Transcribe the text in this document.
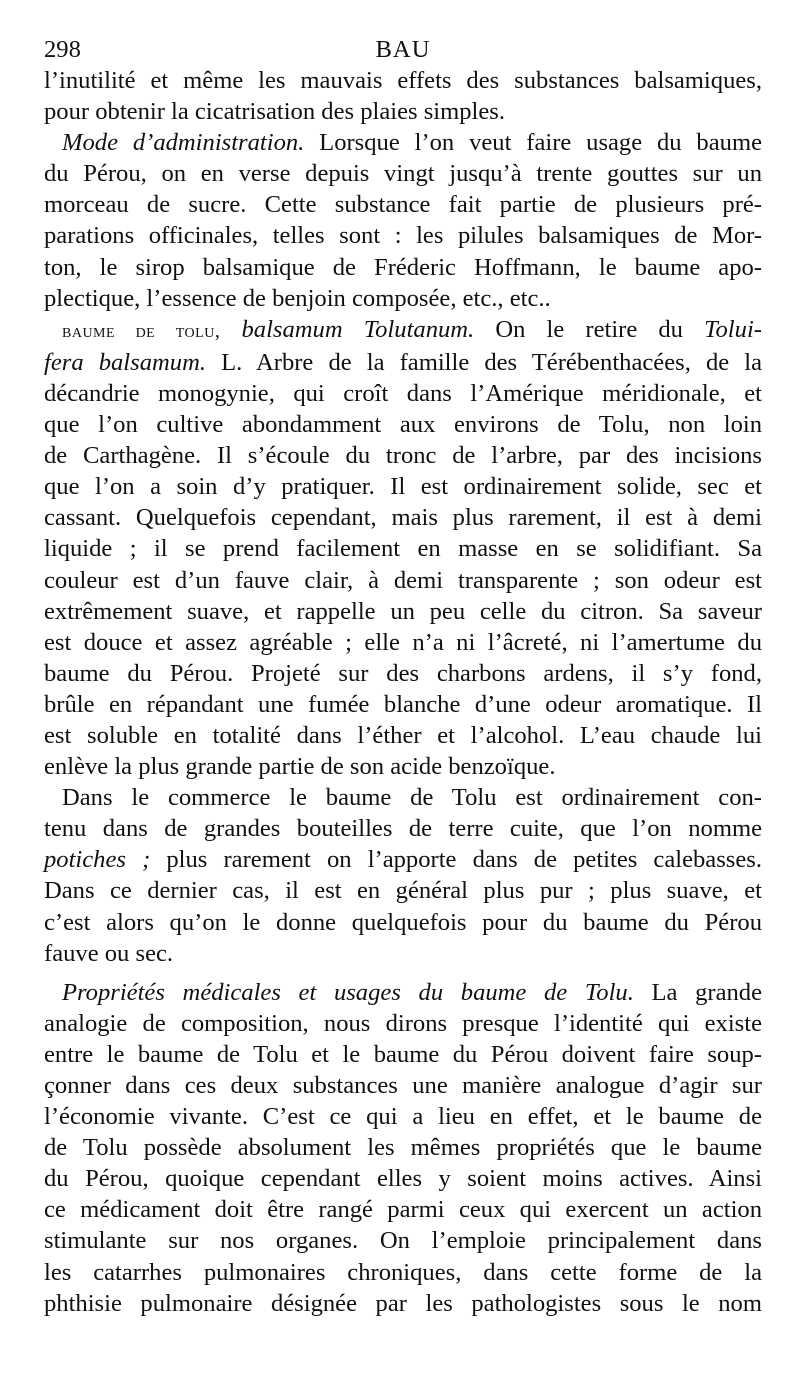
298	BAU
l’inutilité et même les mauvais effets des substances balsamiques,
pour obtenir la cicatrisation des plaies simples.
Mode d’administration. Lorsque l’on veut faire usage du baume
du Pérou, on en verse depuis vingt jusqu’à trente gouttes sur un
morceau de sucre. Cette substance fait partie de plusieurs pré-
parations officinales, telles sont : les pilules balsamiques de Mor-
ton, le sirop balsamique de Fréderic Hoffmann, le baume apo-
plectique, l’essence de benjoin composée, etc., etc..
baume de tolu, balsamum Tolutanum. On le retire du Tolui-
fera balsamum. L. Arbre de la famille des Térébenthacées, de la
décandrie monogynie, qui croît dans l’Amérique méridionale, et
que l’on cultive abondamment aux environs de Tolu, non loin
de Carthagène. Il s’écoule du tronc de l’arbre, par des incisions
que l’on a soin d’y pratiquer. Il est ordinairement solide, sec et
cassant. Quelquefois cependant, mais plus rarement, il est à demi
liquide ; il se prend facilement en masse en se solidifiant. Sa
couleur est d’un fauve clair, à demi transparente ; son odeur est
extrêmement suave, et rappelle un peu celle du citron. Sa saveur
est douce et assez agréable ; elle n’a ni l’âcreté, ni l’amertume du
baume du Pérou. Projeté sur des charbons ardens, il s’y fond,
brûle en répandant une fumée blanche d’une odeur aromatique. Il
est soluble en totalité dans l’éther et l’alcohol. L’eau chaude lui
enlève la plus grande partie de son acide benzoïque.
Dans le commerce le baume de Tolu est ordinairement con-
tenu dans de grandes bouteilles de terre cuite, que l’on nomme
potiches ; plus rarement on l’apporte dans de petites calebasses.
Dans ce dernier cas, il est en général plus pur ; plus suave, et
c’est alors qu’on le donne quelquefois pour du baume du Pérou
fauve ou sec.
Propriétés médicales et usages du baume de Tolu. La grande
analogie de composition, nous dirons presque l’identité qui existe
entre le baume de Tolu et le baume du Pérou doivent faire soup-
çonner dans ces deux substances une manière analogue d’agir sur
l’économie vivante. C’est ce qui a lieu en effet, et le baume de
de Tolu possède absolument les mêmes propriétés que le baume
du Pérou, quoique cependant elles y soient moins actives. Ainsi
ce médicament doit être rangé parmi ceux qui exercent un action
stimulante sur nos organes. On l’emploie principalement dans
les catarrhes pulmonaires chroniques, dans cette forme de la
phthisie pulmonaire désignée par les pathologistes sous le nom
